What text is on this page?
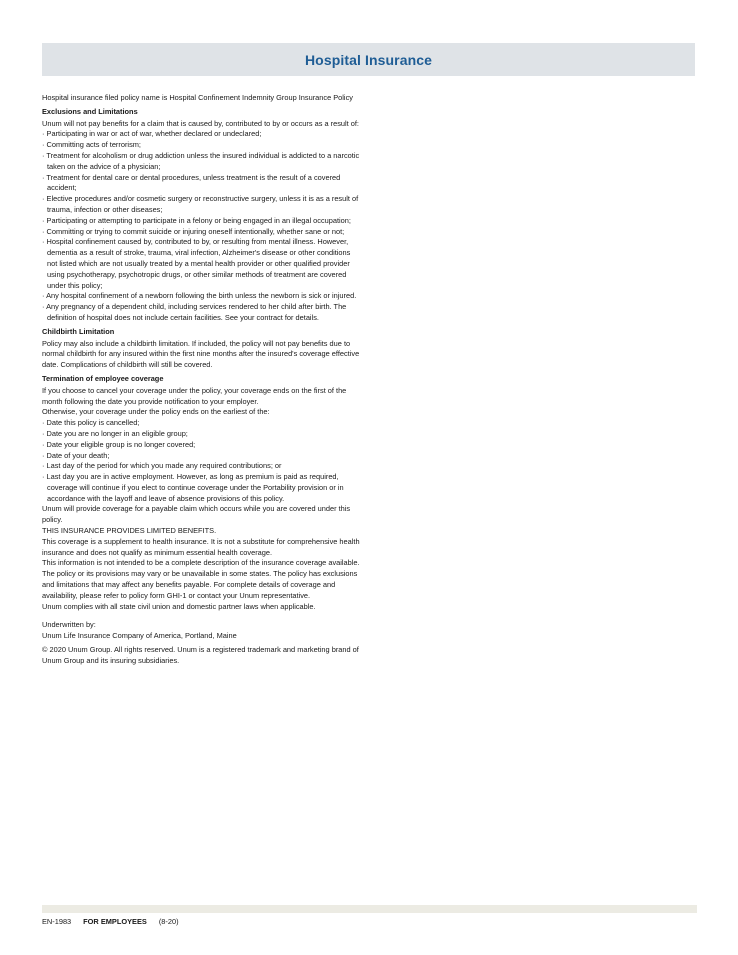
Hospital Insurance

Hospital insurance filed policy name is Hospital Confinement Indemnity Group Insurance Policy

Exclusions and Limitations

Unum will not pay benefits for a claim that is caused by, contributed to by or occurs as a result of:

· Participating in war or act of war, whether declared or undeclared;
· Committing acts of terrorism;
· Treatment for alcoholism or drug addiction unless the insured individual is addicted to a narcotic taken on the advice of a physician;
· Treatment for dental care or dental procedures, unless treatment is the result of a covered accident;
· Elective procedures and/or cosmetic surgery or reconstructive surgery, unless it is as a result of trauma, infection or other diseases;
· Participating or attempting to participate in a felony or being engaged in an illegal occupation;
· Committing or trying to commit suicide or injuring oneself intentionally, whether sane or not;
· Hospital confinement caused by, contributed to by, or resulting from mental illness. However, dementia as a result of stroke, trauma, viral infection, Alzheimer's disease or other conditions not listed which are not usually treated by a mental health provider or other qualified provider using psychotherapy, psychotropic drugs, or other similar methods of treatment are covered under this policy;
· Any hospital confinement of a newborn following the birth unless the newborn is sick or injured.
· Any pregnancy of a dependent child, including services rendered to her child after birth. The definition of hospital does not include certain facilities. See your contract for details.

Childbirth Limitation

Policy may also include a childbirth limitation. If included, the policy will not pay benefits due to normal childbirth for any insured within the first nine months after the insured's coverage effective date. Complications of childbirth will still be covered.

Termination of employee coverage

If you choose to cancel your coverage under the policy, your coverage ends on the first of the month following the date you provide notification to your employer.

Otherwise, your coverage under the policy ends on the earliest of the:

· Date this policy is cancelled;
· Date you are no longer in an eligible group;
· Date your eligible group is no longer covered;
· Date of your death;
· Last day of the period for which you made any required contributions; or
· Last day you are in active employment. However, as long as premium is paid as required, coverage will continue if you elect to continue coverage under the Portability provision or in accordance with the layoff and leave of absence provisions of this policy.

Unum will provide coverage for a payable claim which occurs while you are covered under this policy.

THIS INSURANCE PROVIDES LIMITED BENEFITS.

This coverage is a supplement to health insurance. It is not a substitute for comprehensive health insurance and does not qualify as minimum essential health coverage.

This information is not intended to be a complete description of the insurance coverage available. The policy or its provisions may vary or be unavailable in some states. The policy has exclusions and limitations that may affect any benefits payable. For complete details of coverage and availability, please refer to policy form GHI-1 or contact your Unum representative.

Unum complies with all state civil union and domestic partner laws when applicable.

Underwritten by:

Unum Life Insurance Company of America, Portland, Maine

© 2020 Unum Group. All rights reserved. Unum is a registered trademark and marketing brand of Unum Group and its insuring subsidiaries.

EN-1983 FOR EMPLOYEES (8-20)
